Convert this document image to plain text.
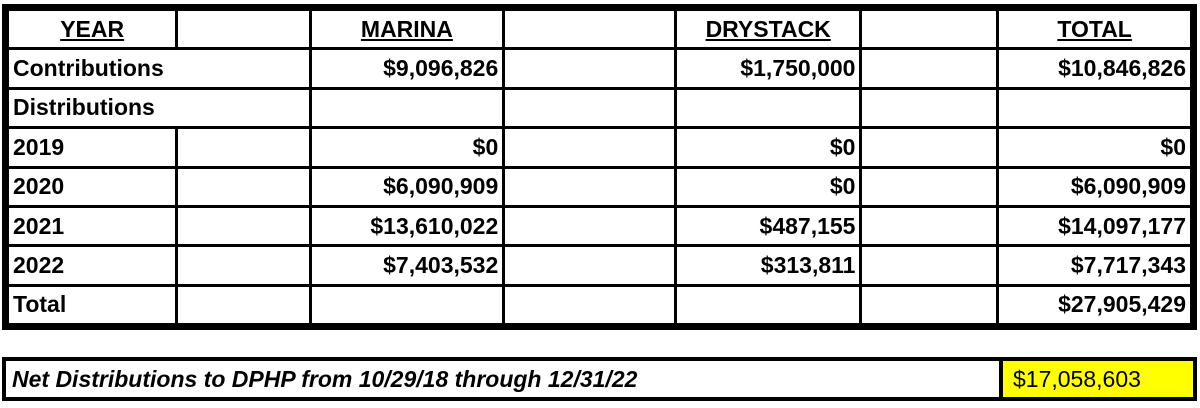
YEAR		MARINA		DRYSTACK		TOTAL
Contributions		$9,096,826		$1,750,000		$10,846,826
Distributions						
2019		$0		$0		$0
2020		$6,090,909		$0		$6,090,909
2021		$13,610,022		$487,155		$14,097,177
2022		$7,403,532		$313,811		$7,717,343
Total						$27,905,429
Net Distributions to DPHP from 10/29/18 through 12/31/22	$17,058,603
